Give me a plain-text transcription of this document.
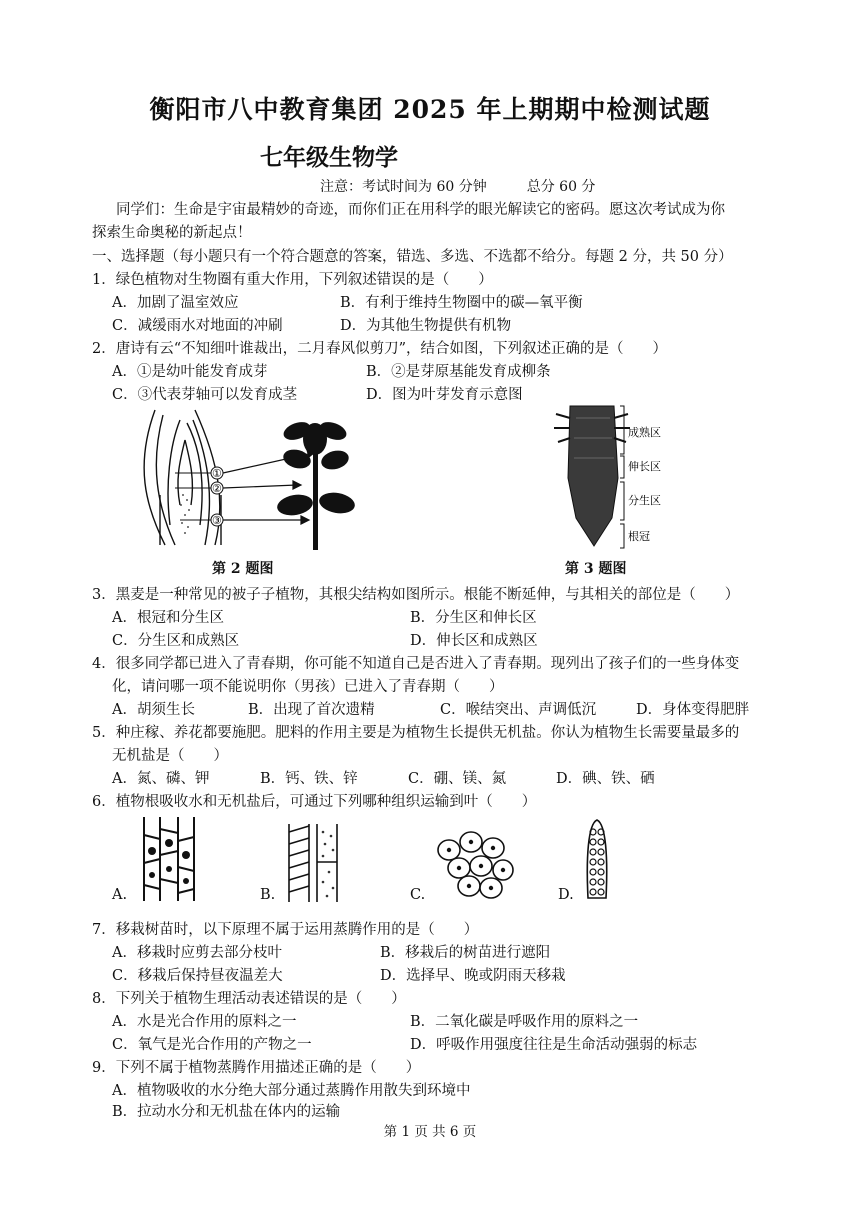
衡阳市八中教育集团 2025 年上期期中检测试题
七年级生物学
注意：考试时间为 60 分钟	总分 60 分
同学们：生命是宇宙最精妙的奇迹，而你们正在用科学的眼光解读它的密码。愿这次考试成为你
探索生命奥秘的新起点！
一、选择题（每小题只有一个符合题意的答案，错选、多选、不选都不给分。每题 2 分，共 50 分）
1．绿色植物对生物圈有重大作用，下列叙述错误的是（　　）
A．加剧了温室效应	B．有利于维持生物圈中的碳—氧平衡
C．减缓雨水对地面的冲刷	D．为其他生物提供有机物
2．唐诗有云“不知细叶谁裁出，二月春风似剪刀”，结合如图，下列叙述正确的是（　　）
A．①是幼叶能发育成芽	B．②是芽原基能发育成柳条
C．③代表芽轴可以发育成茎	D．图为叶芽发育示意图
①
②
③
第 2 题图
成熟区
伸长区
分生区
根冠
第 3 题图
3．黑麦是一种常见的被子子植物，其根尖结构如图所示。根能不断延伸，与其相关的部位是（　　）
A．根冠和分生区	B．分生区和伸长区
C．分生区和成熟区	D．伸长区和成熟区
4．很多同学都已进入了青春期，你可能不知道自己是否进入了青春期。现列出了孩子们的一些身体变
化，请问哪一项不能说明你（男孩）已进入了青春期（　　）
A．胡须生长	B．出现了首次遗精	C．喉结突出、声调低沉	D．身体变得肥胖
5．种庄稼、养花都要施肥。肥料的作用主要是为植物生长提供无机盐。你认为植物生长需要量最多的
无机盐是（　　）
A．氮、磷、钾	B．钙、铁、锌	C．硼、镁、氮	D．碘、铁、硒
6．植物根吸收水和无机盐后，可通过下列哪种组织运输到叶（　　）
A.	B.	C.	D.
7．移栽树苗时，以下原理不属于运用蒸腾作用的是（　　）
A．移栽时应剪去部分枝叶	B．移栽后的树苗进行遮阳
C．移栽后保持昼夜温差大	D．选择早、晚或阴雨天移栽
8．下列关于植物生理活动表述错误的是（　　）
A．水是光合作用的原料之一	B．二氧化碳是呼吸作用的原料之一
C．氧气是光合作用的产物之一	D．呼吸作用强度往往是生命活动强弱的标志
9．下列不属于植物蒸腾作用描述正确的是（　　）
A．植物吸收的水分绝大部分通过蒸腾作用散失到环境中
B．拉动水分和无机盐在体内的运输
第 1 页 共 6 页
